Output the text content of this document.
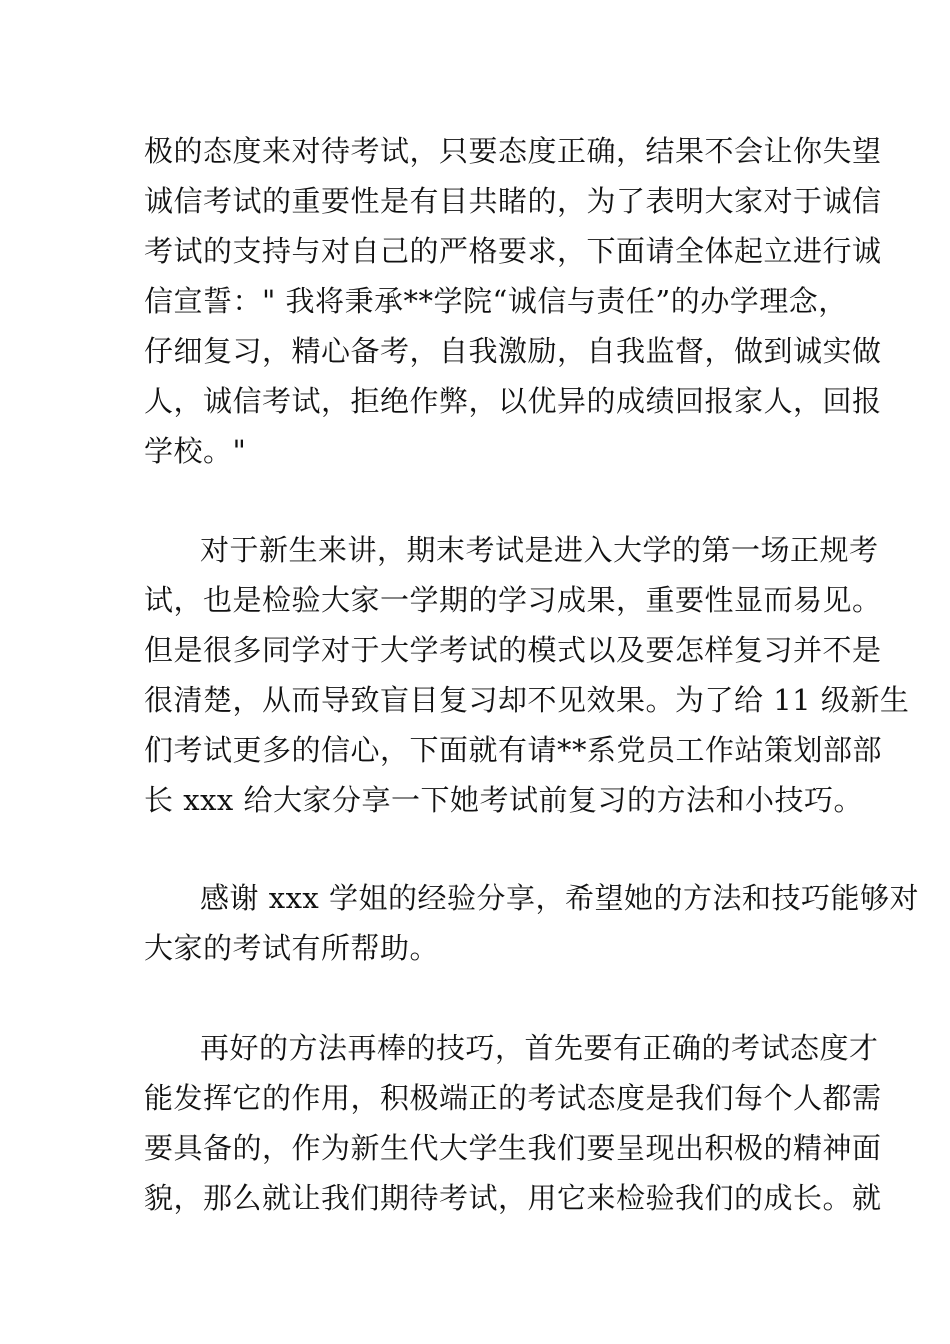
极的态度来对待考试，只要态度正确，结果不会让你失望
诚信考试的重要性是有目共睹的，为了表明大家对于诚信
考试的支持与对自己的严格要求，下面请全体起立进行诚
信宣誓：" 我将秉承**学院“诚信与责任”的办学理念，
仔细复习，精心备考，自我激励，自我监督，做到诚实做
人，诚信考试，拒绝作弊，以优异的成绩回报家人，回报
学校。"
对于新生来讲，期末考试是进入大学的第一场正规考
试，也是检验大家一学期的学习成果，重要性显而易见。
但是很多同学对于大学考试的模式以及要怎样复习并不是
很清楚，从而导致盲目复习却不见效果。为了给 11 级新生
们考试更多的信心，下面就有请**系党员工作站策划部部
长 xxx 给大家分享一下她考试前复习的方法和小技巧。
感谢 xxx 学姐的经验分享，希望她的方法和技巧能够对
大家的考试有所帮助。
再好的方法再棒的技巧，首先要有正确的考试态度才
能发挥它的作用，积极端正的考试态度是我们每个人都需
要具备的，作为新生代大学生我们要呈现出积极的精神面
貌，那么就让我们期待考试，用它来检验我们的成长。就
